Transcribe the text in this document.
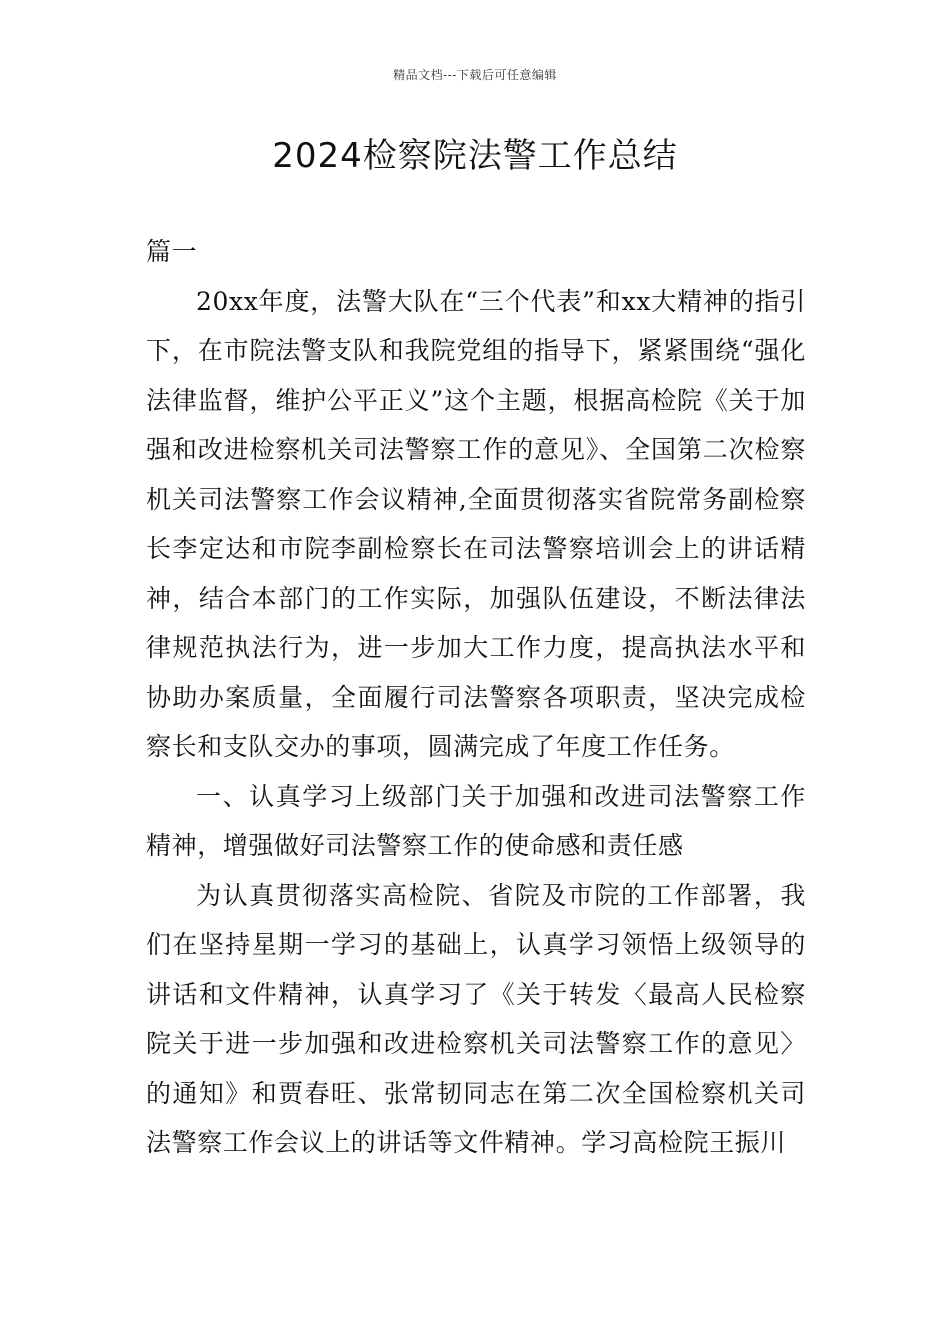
精品文档---下载后可任意编辑
2024检察院法警工作总结

篇一

20xx年度，法警大队在“三个代表”和xx大精神的指引下，在市院法警支队和我院党组的指导下，紧紧围绕“强化法律监督，维护公平正义”这个主题，根据高检院《关于加强和改进检察机关司法警察工作的意见》、全国第二次检察机关司法警察工作会议精神,全面贯彻落实省院常务副检察长李定达和市院李副检察长在司法警察培训会上的讲话精神，结合本部门的工作实际，加强队伍建设，不断法律法律规范执法行为，进一步加大工作力度，提高执法水平和协助办案质量，全面履行司法警察各项职责，坚决完成检察长和支队交办的事项，圆满完成了年度工作任务。

一、认真学习上级部门关于加强和改进司法警察工作精神，增强做好司法警察工作的使命感和责任感

为认真贯彻落实高检院、省院及市院的工作部署，我们在坚持星期一学习的基础上，认真学习领悟上级领导的讲话和文件精神，认真学习了《关于转发〈最高人民检察院关于进一步加强和改进检察机关司法警察工作的意见〉的通知》和贾春旺、张常韧同志在第二次全国检察机关司法警察工作会议上的讲话等文件精神。学习高检院王振川
